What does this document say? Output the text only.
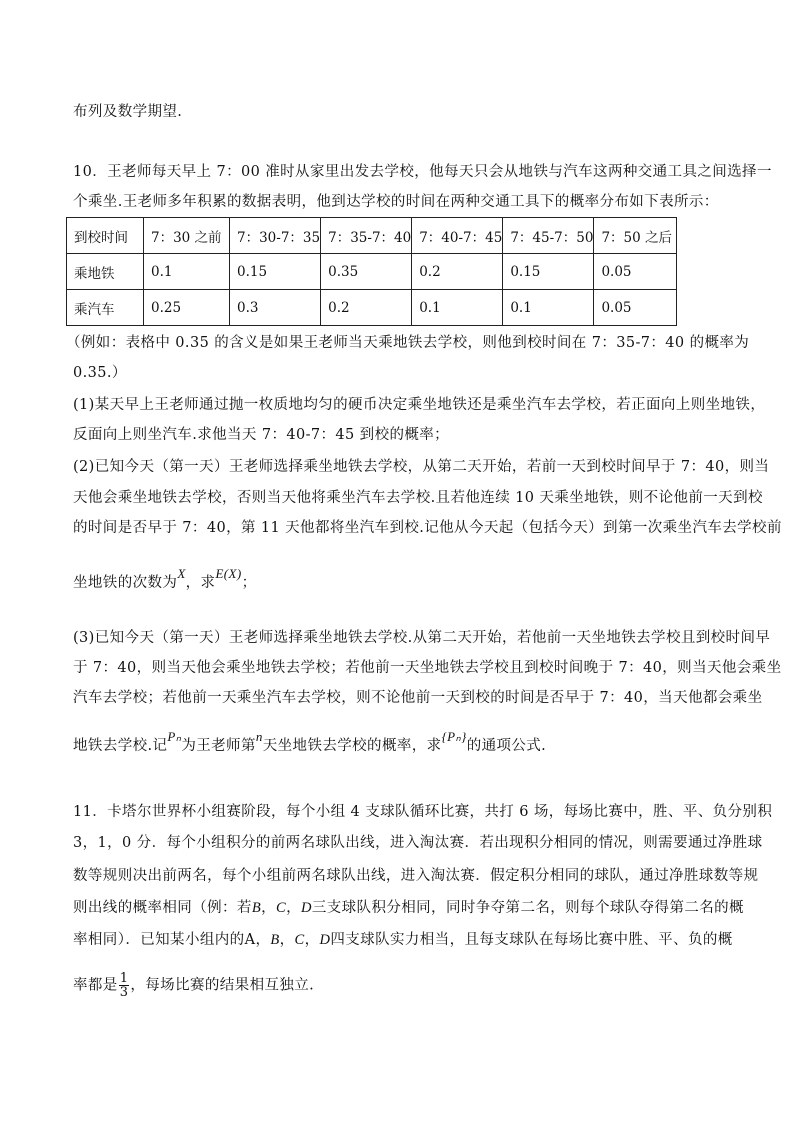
布列及数学期望.
10．王老师每天早上 7：00 准时从家里出发去学校，他每天只会从地铁与汽车这两种交通工具之间选择一
个乘坐.王老师多年积累的数据表明，他到达学校的时间在两种交通工具下的概率分布如下表所示：
到校时间	7：30 之前	7：30-7：35	7：35-7：40	7：40-7：45	7：45-7：50	7：50 之后
乘地铁	0.1	0.15	0.35	0.2	0.15	0.05
乘汽车	0.25	0.3	0.2	0.1	0.1	0.05
（例如：表格中 0.35 的含义是如果王老师当天乘地铁去学校，则他到校时间在 7：35-7：40 的概率为
0.35.）
(1)某天早上王老师通过抛一枚质地均匀的硬币决定乘坐地铁还是乘坐汽车去学校，若正面向上则坐地铁，
反面向上则坐汽车.求他当天 7：40-7：45 到校的概率；
(2)已知今天（第一天）王老师选择乘坐地铁去学校，从第二天开始，若前一天到校时间早于 7：40，则当
天他会乘坐地铁去学校，否则当天他将乘坐汽车去学校.且若他连续 10 天乘坐地铁，则不论他前一天到校
的时间是否早于 7：40，第 11 天他都将坐汽车到校.记他从今天起（包括今天）到第一次乘坐汽车去学校前
坐地铁的次数为X，求E(X)；
(3)已知今天（第一天）王老师选择乘坐地铁去学校.从第二天开始，若他前一天坐地铁去学校且到校时间早
于 7：40，则当天他会乘坐地铁去学校；若他前一天坐地铁去学校且到校时间晚于 7：40，则当天他会乘坐
汽车去学校；若他前一天乘坐汽车去学校，则不论他前一天到校的时间是否早于 7：40，当天他都会乘坐
地铁去学校.记Pₙ为王老师第n天坐地铁去学校的概率，求{Pₙ}的通项公式.
11．卡塔尔世界杯小组赛阶段，每个小组 4 支球队循环比赛，共打 6 场，每场比赛中，胜、平、负分别积
3，1，0 分．每个小组积分的前两名球队出线，进入淘汰赛．若出现积分相同的情况，则需要通过净胜球
数等规则决出前两名，每个小组前两名球队出线，进入淘汰赛．假定积分相同的球队，通过净胜球数等规
则出线的概率相同（例：若B，C，D三支球队积分相同，同时争夺第二名，则每个球队夺得第二名的概
率相同）．已知某小组内的A，B，C，D四支球队实力相当，且每支球队在每场比赛中胜、平、负的概
率都是 $\frac{1}{3}$ ，每场比赛的结果相互独立.
